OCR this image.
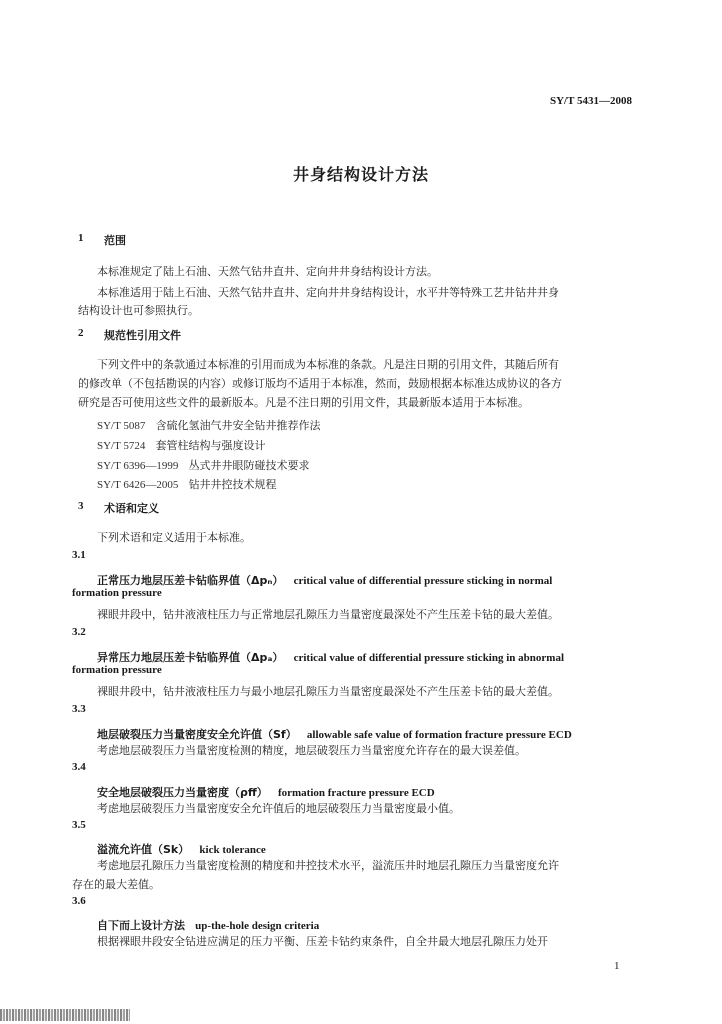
SY/T 5431—2008
井身结构设计方法
1 范围
本标准规定了陆上石油、天然气钻井直井、定向井井身结构设计方法。
本标准适用于陆上石油、天然气钻井直井、定向井井身结构设计，水平井等特殊工艺井钻井井身
结构设计也可参照执行。
2 规范性引用文件
下列文件中的条款通过本标准的引用而成为本标准的条款。凡是注日期的引用文件，其随后所有
的修改单（不包括勘误的内容）或修订版均不适用于本标准，然而，鼓励根据本标准达成协议的各方
研究是否可使用这些文件的最新版本。凡是不注日期的引用文件，其最新版本适用于本标准。
SY/T 5087 含硫化氢油气井安全钻井推荐作法
SY/T 5724 套管柱结构与强度设计
SY/T 6396—1999 丛式井井眼防碰技术要求
SY/T 6426—2005 钻井井控技术规程
3 术语和定义
下列术语和定义适用于本标准。
3.1
正常压力地层压差卡钻临界值（Δpₙ） critical value of differential pressure sticking in normal
formation pressure
裸眼井段中，钻井液液柱压力与正常地层孔隙压力当量密度最深处不产生压差卡钻的最大差值。
3.2
异常压力地层压差卡钻临界值（Δpₐ） critical value of differential pressure sticking in abnormal
formation pressure
裸眼井段中，钻井液液柱压力与最小地层孔隙压力当量密度最深处不产生压差卡钻的最大差值。
3.3
地层破裂压力当量密度安全允许值（Sf） allowable safe value of formation fracture pressure ECD
考虑地层破裂压力当量密度检测的精度，地层破裂压力当量密度允许存在的最大误差值。
3.4
安全地层破裂压力当量密度（ρff） formation fracture pressure ECD
考虑地层破裂压力当量密度安全允许值后的地层破裂压力当量密度最小值。
3.5
溢流允许值（Sk） kick tolerance
考虑地层孔隙压力当量密度检测的精度和井控技术水平，溢流压井时地层孔隙压力当量密度允许
存在的最大差值。
3.6
自下而上设计方法 up-the-hole design criteria
根据裸眼井段安全钻进应满足的压力平衡、压差卡钻约束条件，自全井最大地层孔隙压力处开
1
